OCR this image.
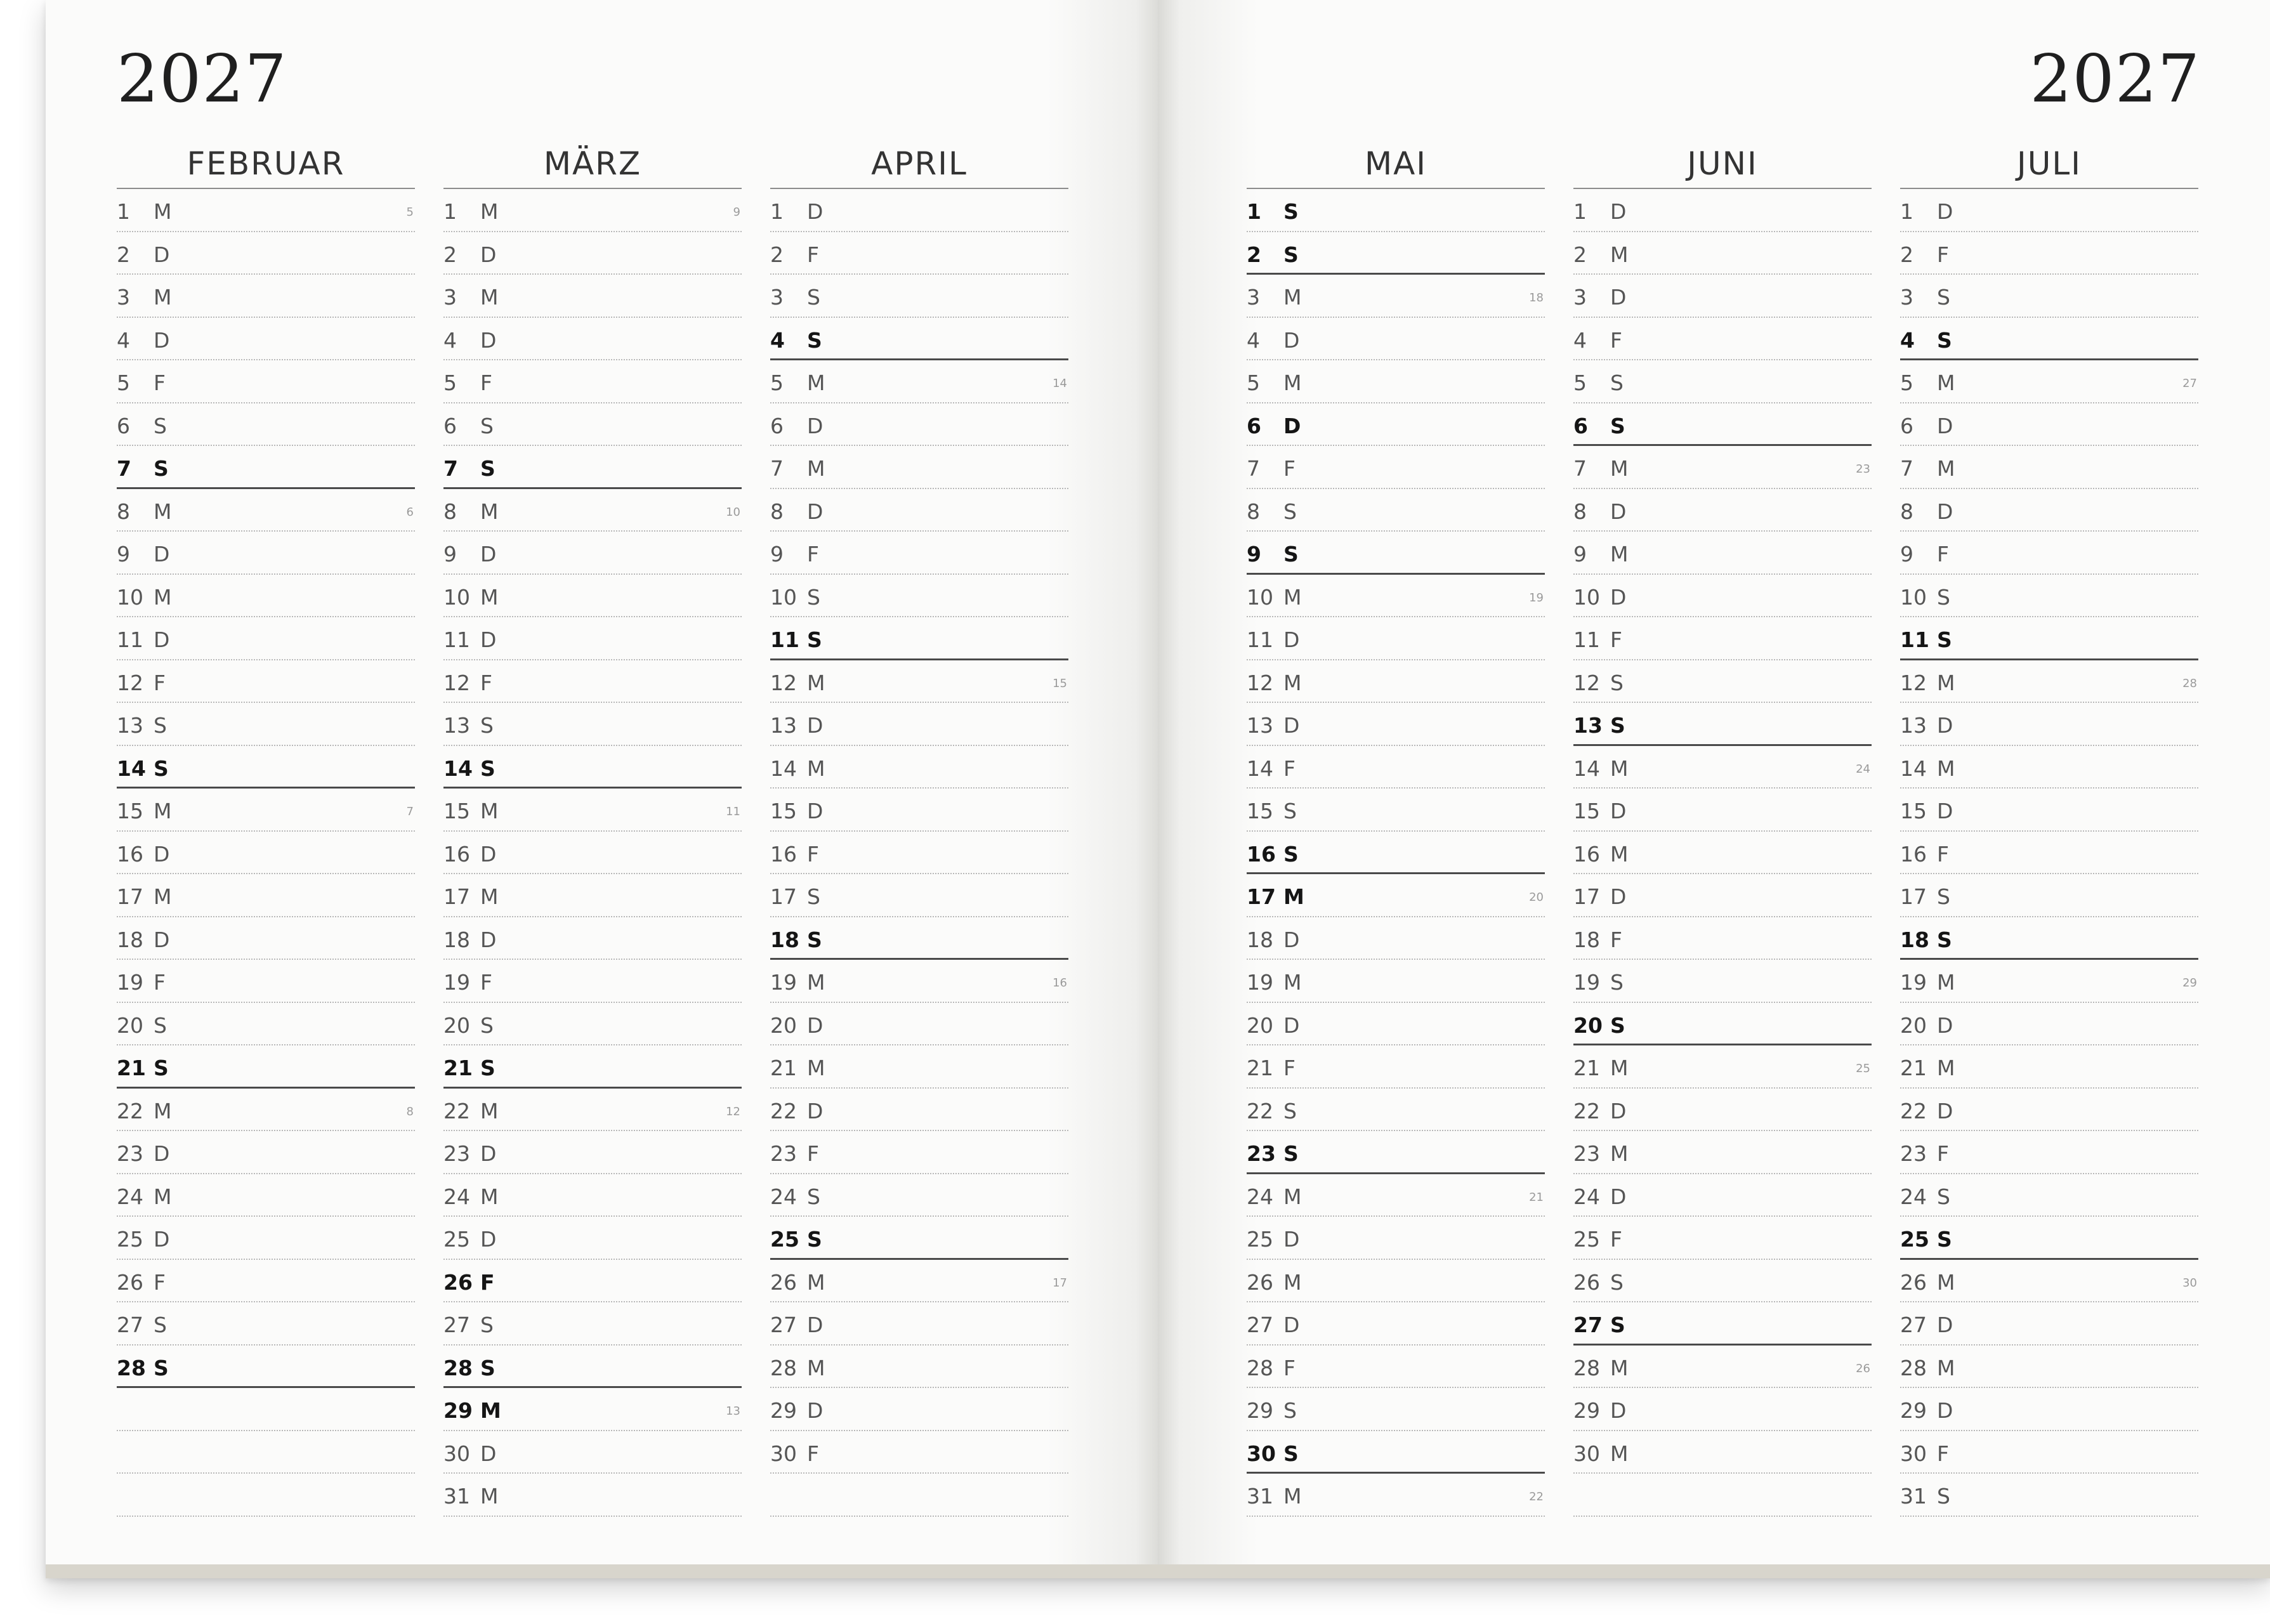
2027
FEBRUAR
1 M	5
2 D
3 M
4 D
5 F
6 S
7 S
8 M	6
9 D
10 M
11 D
12 F
13 S
14 S
15 M	7
16 D
17 M
18 D
19 F
20 S
21 S
22 M	8
23 D
24 M
25 D
26 F
27 S
28 S
MÄRZ
1 M	9
2 D
3 M
4 D
5 F
6 S
7 S
8 M	10
9 D
10 M
11 D
12 F
13 S
14 S
15 M	11
16 D
17 M
18 D
19 F
20 S
21 S
22 M	12
23 D
24 M
25 D
26 F
27 S
28 S
29 M	13
30 D
31 M
APRIL
1 D
2 F
3 S
4 S
5 M	14
6 D
7 M
8 D
9 F
10 S
11 S
12 M	15
13 D
14 M
15 D
16 F
17 S
18 S
19 M	16
20 D
21 M
22 D
23 F
24 S
25 S
26 M	17
27 D
28 M
29 D
30 F
2027
MAI
1 S
2 S
3 M	18
4 D
5 M
6 D
7 F
8 S
9 S
10 M	19
11 D
12 M
13 D
14 F
15 S
16 S
17 M	20
18 D
19 M
20 D
21 F
22 S
23 S
24 M	21
25 D
26 M
27 D
28 F
29 S
30 S
31 M	22
JUNI
1 D
2 M
3 D
4 F
5 S
6 S
7 M	23
8 D
9 M
10 D
11 F
12 S
13 S
14 M	24
15 D
16 M
17 D
18 F
19 S
20 S
21 M	25
22 D
23 M
24 D
25 F
26 S
27 S
28 M	26
29 D
30 M
JULI
1 D
2 F
3 S
4 S
5 M	27
6 D
7 M
8 D
9 F
10 S
11 S
12 M	28
13 D
14 M
15 D
16 F
17 S
18 S
19 M	29
20 D
21 M
22 D
23 F
24 S
25 S
26 M	30
27 D
28 M
29 D
30 F
31 S
